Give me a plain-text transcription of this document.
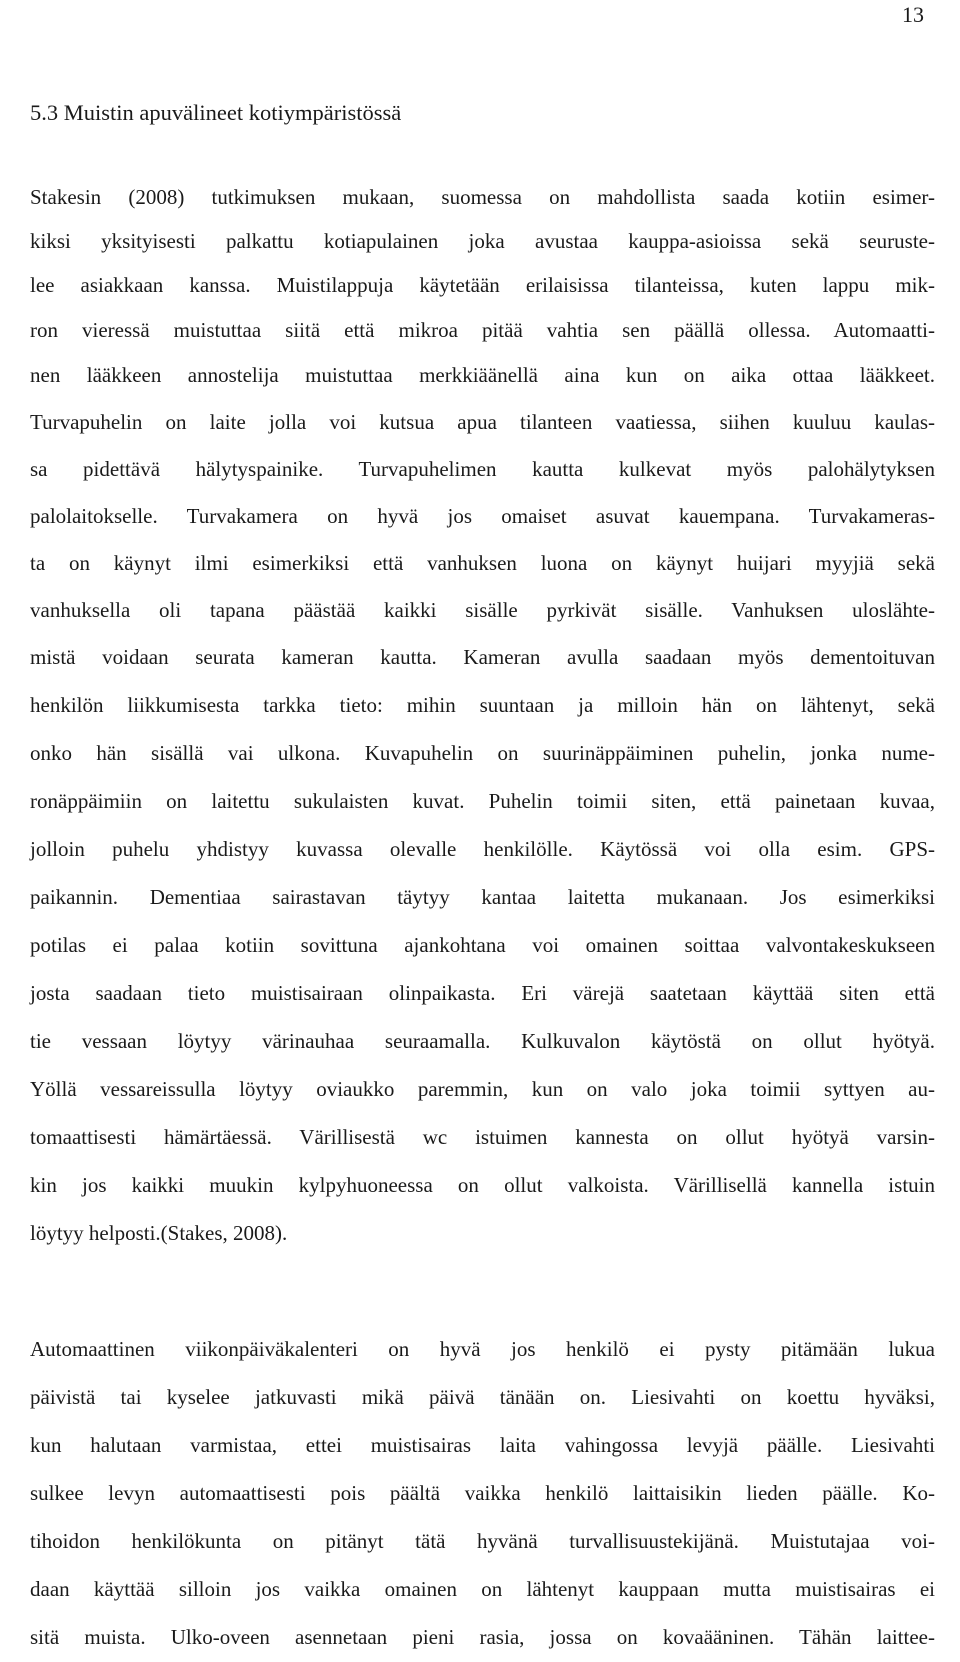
13
5.3 Muistin apuvälineet kotiympäristössä
Stakesin (2008) tutkimuksen mukaan, suomessa on mahdollista saada kotiin esimer-
kiksi yksityisesti palkattu kotiapulainen joka avustaa kauppa-asioissa sekä seuruste-
lee asiakkaan kanssa. Muistilappuja käytetään erilaisissa tilanteissa, kuten lappu mik-
ron vieressä muistuttaa siitä että mikroa pitää vahtia sen päällä ollessa. Automaatti-
nen lääkkeen annostelija muistuttaa merkkiäänellä aina kun on aika ottaa lääkkeet.
Turvapuhelin on laite jolla voi kutsua apua tilanteen vaatiessa, siihen kuuluu kaulas-
sa pidettävä hälytyspainike. Turvapuhelimen kautta kulkevat myös palohälytyksen
palolaitokselle. Turvakamera on hyvä jos omaiset asuvat kauempana. Turvakameras-
ta on käynyt ilmi esimerkiksi että vanhuksen luona on käynyt huijari myyjiä sekä
vanhuksella oli tapana päästää kaikki sisälle pyrkivät sisälle. Vanhuksen uloslähte-
mistä voidaan seurata kameran kautta. Kameran avulla saadaan myös dementoituvan
henkilön liikkumisesta tarkka tieto: mihin suuntaan ja milloin hän on lähtenyt, sekä
onko hän sisällä vai ulkona. Kuvapuhelin on suurinäppäiminen puhelin, jonka nume-
ronäppäimiin on laitettu sukulaisten kuvat. Puhelin toimii siten, että painetaan kuvaa,
jolloin puhelu yhdistyy kuvassa olevalle henkilölle. Käytössä voi olla esim. GPS-
paikannin. Dementiaa sairastavan täytyy kantaa laitetta mukanaan. Jos esimerkiksi
potilas ei palaa kotiin sovittuna ajankohtana voi omainen soittaa valvontakeskukseen
josta saadaan tieto muistisairaan olinpaikasta. Eri värejä saatetaan käyttää siten että
tie vessaan löytyy värinauhaa seuraamalla. Kulkuvalon käytöstä on ollut hyötyä.
Yöllä vessareissulla löytyy oviaukko paremmin, kun on valo joka toimii syttyen au-
tomaattisesti hämärtäessä. Värillisestä wc istuimen kannesta on ollut hyötyä varsin-
kin jos kaikki muukin kylpyhuoneessa on ollut valkoista. Värillisellä kannella istuin
löytyy helposti.(Stakes, 2008).
Automaattinen viikonpäiväkalenteri on hyvä jos henkilö ei pysty pitämään lukua
päivistä tai kyselee jatkuvasti mikä päivä tänään on. Liesivahti on koettu hyväksi,
kun halutaan varmistaa, ettei muistisairas laita vahingossa levyjä päälle. Liesivahti
sulkee levyn automaattisesti pois päältä vaikka henkilö laittaisikin lieden päälle. Ko-
tihoidon henkilökunta on pitänyt tätä hyvänä turvallisuustekijänä. Muistutajaa voi-
daan käyttää silloin jos vaikka omainen on lähtenyt kauppaan mutta muistisairas ei
sitä muista. Ulko-oveen asennetaan pieni rasia, jossa on kovaääninen. Tähän laittee-
